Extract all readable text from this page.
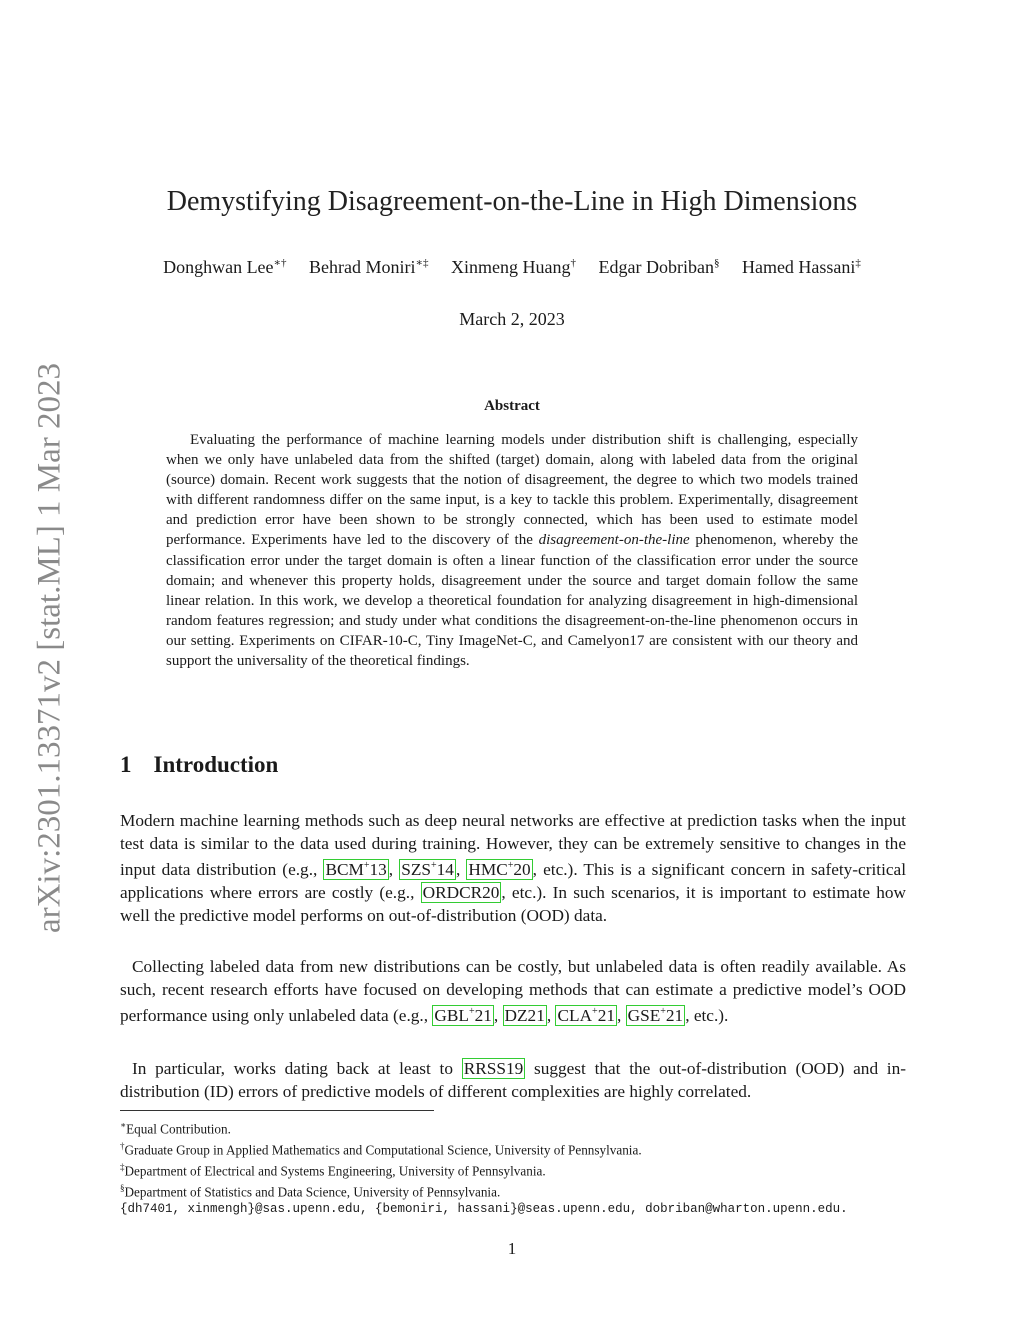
arXiv:2301.13371v2 [stat.ML] 1 Mar 2023
Demystifying Disagreement-on-the-Line in High Dimensions
Donghwan Lee∗† Behrad Moniri∗‡ Xinmeng Huang† Edgar Dobriban§ Hamed Hassani‡
March 2, 2023
Abstract

Evaluating the performance of machine learning models under distribution shift is challenging, especially when we only have unlabeled data from the shifted (target) domain, along with labeled data from the original (source) domain. Recent work suggests that the notion of disagreement, the degree to which two models trained with different randomness differ on the same input, is a key to tackle this problem. Experimentally, disagreement and prediction error have been shown to be strongly connected, which has been used to estimate model performance. Experiments have led to the discovery of the disagreement-on-the-line phenomenon, whereby the classification error under the target domain is often a linear function of the classification error under the source domain; and whenever this property holds, disagreement under the source and target domain follow the same linear relation. In this work, we develop a theoretical foundation for analyzing disagreement in high-dimensional random features regression; and study under what conditions the disagreement-on-the-line phenomenon occurs in our setting. Experiments on CIFAR-10-C, Tiny ImageNet-C, and Camelyon17 are consistent with our theory and support the universality of the theoretical findings.

1 Introduction

Modern machine learning methods such as deep neural networks are effective at prediction tasks when the input test data is similar to the data used during training. However, they can be extremely sensitive to changes in the input data distribution (e.g., BCM+13 , SZS+14 , HMC+20 , etc.). This is a significant concern in safety-critical applications where errors are costly (e.g., ORDCR20 , etc.). In such scenarios, it is important to estimate how well the predictive model performs on out-of-distribution (OOD) data.

Collecting labeled data from new distributions can be costly, but unlabeled data is often readily available. As such, recent research efforts have focused on developing methods that can estimate a predictive model’s OOD performance using only unlabeled data (e.g., GBL+21 , DZ21 , CLA+21 , GSE+21 , etc.).

In particular, works dating back at least to RRSS19 suggest that the out-of-distribution (OOD) and in-distribution (ID) errors of predictive models of different complexities are highly correlated.

∗Equal Contribution.

†Graduate Group in Applied Mathematics and Computational Science, University of Pennsylvania.

‡Department of Electrical and Systems Engineering, University of Pennsylvania.

§Department of Statistics and Data Science, University of Pennsylvania.

{dh7401, xinmengh}@sas.upenn.edu, {bemoniri, hassani}@seas.upenn.edu, dobriban@wharton.upenn.edu.

1
